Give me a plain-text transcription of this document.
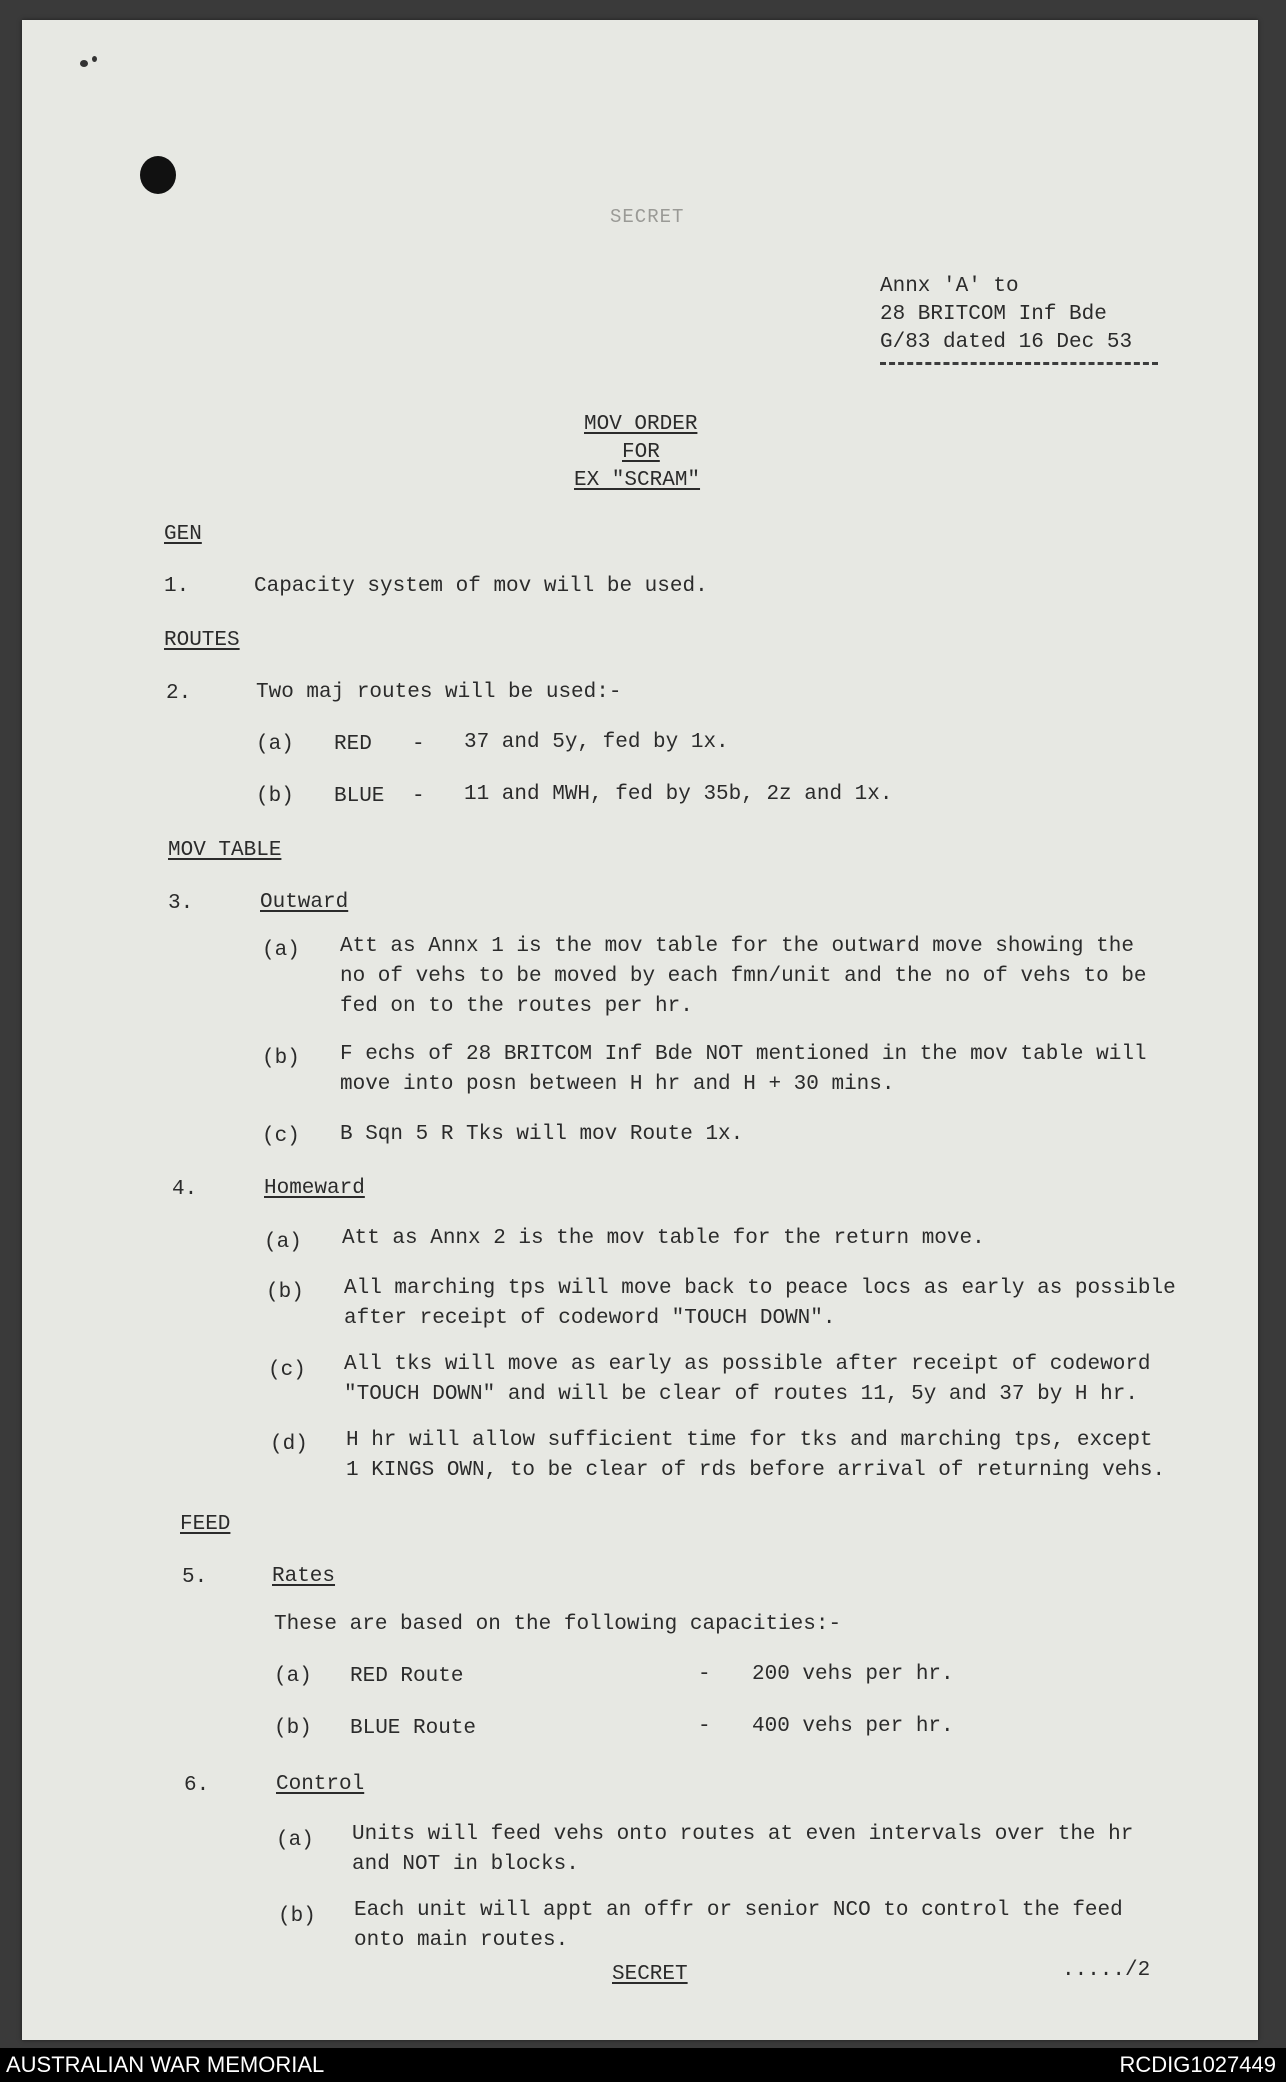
SECRET
Annx 'A' to
28 BRITCOM Inf Bde
G/83 dated 16 Dec 53
MOV ORDER
FOR
EX "SCRAM"
GEN
1.	Capacity system of mov will be used.
ROUTES
2.	Two maj routes will be used:-
(a) RED - 37 and 5y, fed by 1x.
(b) BLUE - 11 and MWH, fed by 35b, 2z and 1x.
MOV TABLE
3.	Outward
(a) Att as Annx 1 is the mov table for the outward move showing the
no of vehs to be moved by each fmn/unit and the no of vehs to be
fed on to the routes per hr.
(b) F echs of 28 BRITCOM Inf Bde NOT mentioned in the mov table will
move into posn between H hr and H + 30 mins.
(c) B Sqn 5 R Tks will mov Route 1x.
4.	Homeward
(a) Att as Annx 2 is the mov table for the return move.
(b) All marching tps will move back to peace locs as early as possible
after receipt of codeword "TOUCH DOWN".
(c) All tks will move as early as possible after receipt of codeword
"TOUCH DOWN" and will be clear of routes 11, 5y and 37 by H hr.
(d) H hr will allow sufficient time for tks and marching tps, except
1 KINGS OWN, to be clear of rds before arrival of returning vehs.
FEED
5.	Rates
These are based on the following capacities:-
(a) RED Route	- 200 vehs per hr.
(b) BLUE Route	- 400 vehs per hr.
6.	Control
(a) Units will feed vehs onto routes at even intervals over the hr
and NOT in blocks.
(b) Each unit will appt an offr or senior NCO to control the feed
onto main routes.
SECRET	...../2
AUSTRALIAN WAR MEMORIAL	RCDIG1027449
